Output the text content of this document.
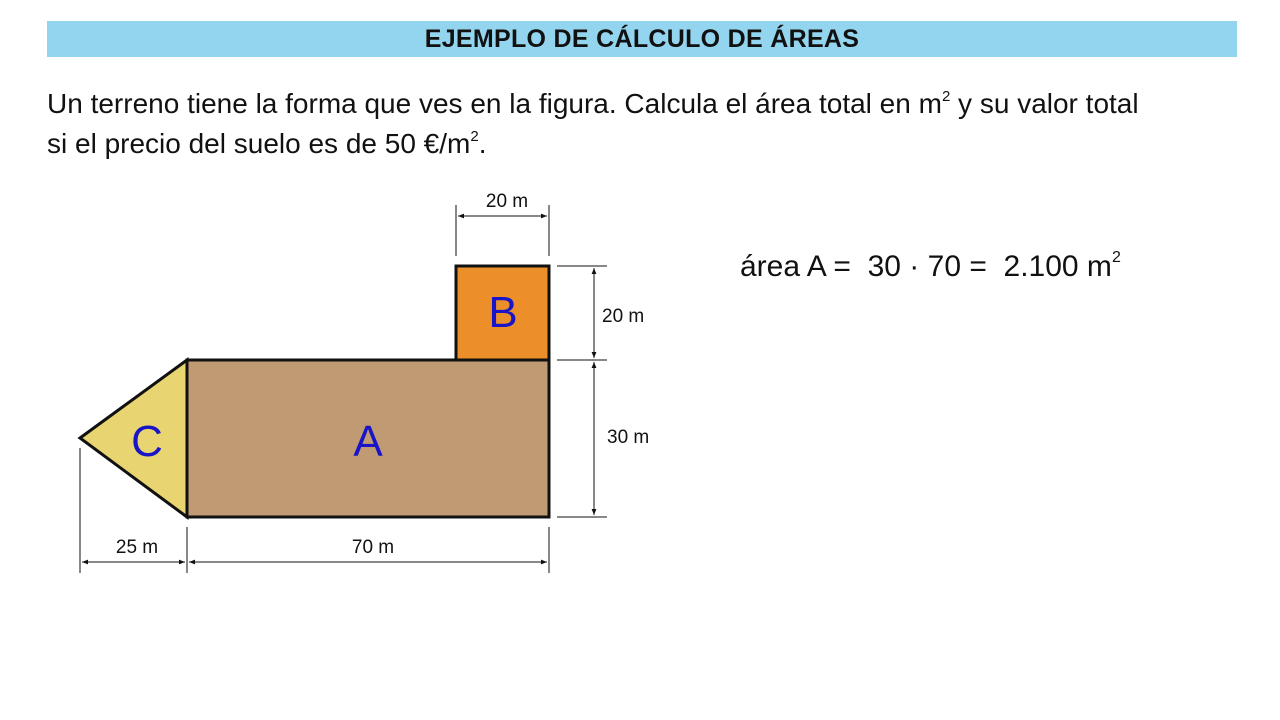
EJEMPLO DE CÁLCULO DE ÁREAS
Un terreno tiene la forma que ves en la figura. Calcula el área total en $m^2$ y su valor total
si el precio del suelo es de 50 $€/m^2$.
C	A
B
20 m
20 m
30 m
25 m	70 m
área A =  30 · 70 =  2.100 $m^2$
